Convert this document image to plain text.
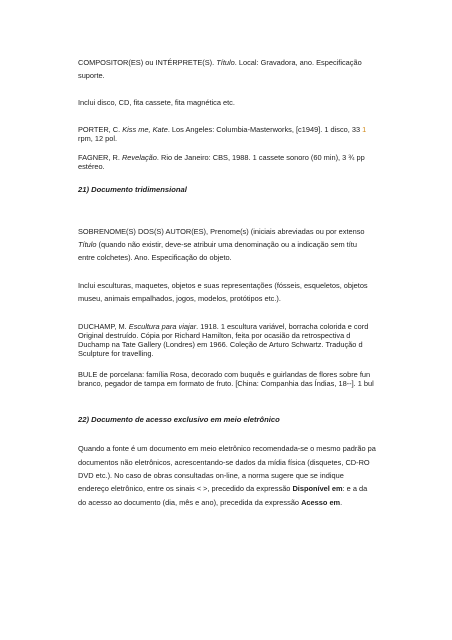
COMPOSITOR(ES) ou INTÉRPRETE(S). Título. Local: Gravadora, ano. Especificação

suporte.

Inclui disco, CD, fita cassete, fita magnética etc.

PORTER, C. Kiss me, Kate. Los Angeles: Columbia-Masterworks, [c1949]. 1 disco, 33 1

rpm, 12 pol.

FAGNER, R. Revelação. Rio de Janeiro: CBS, 1988. 1 cassete sonoro (60 min), 3 ¾ pp

estéreo.

21) Documento tridimensional

SOBRENOME(S) DOS(S) AUTOR(ES), Prenome(s) (iniciais abreviadas ou por extenso

Título (quando não existir, deve-se atribuir uma denominação ou a indicação sem títu

entre colchetes). Ano. Especificação do objeto.

Inclui esculturas, maquetes, objetos e suas representações (fósseis, esqueletos, objetos

museu, animais empalhados, jogos, modelos, protótipos etc.).

DUCHAMP, M. Escultura para viajar. 1918. 1 escultura variável, borracha colorida e cord

Original destruído. Cópia por Richard Hamilton, feita por ocasião da retrospectiva d

Duchamp na Tate Gallery (Londres) em 1966. Coleção de Arturo Schwartz. Tradução d

Sculpture for travelling.

BULE de porcelana: família Rosa, decorado com buquês e guirlandas de flores sobre fun

branco, pegador de tampa em formato de fruto. [China: Companhia das Índias, 18--]. 1 bul

22) Documento de acesso exclusivo em meio eletrônico

Quando a fonte é um documento em meio eletrônico recomendada-se o mesmo padrão pa

documentos não eletrônicos, acrescentando-se dados da mídia física (disquetes, CD-RO

DVD etc.). No caso de obras consultadas on-line, a norma sugere que se indique

endereço eletrônico, entre os sinais < >, precedido da expressão Disponível em: e a da

do acesso ao documento (dia, mês e ano), precedida da expressão Acesso em.
